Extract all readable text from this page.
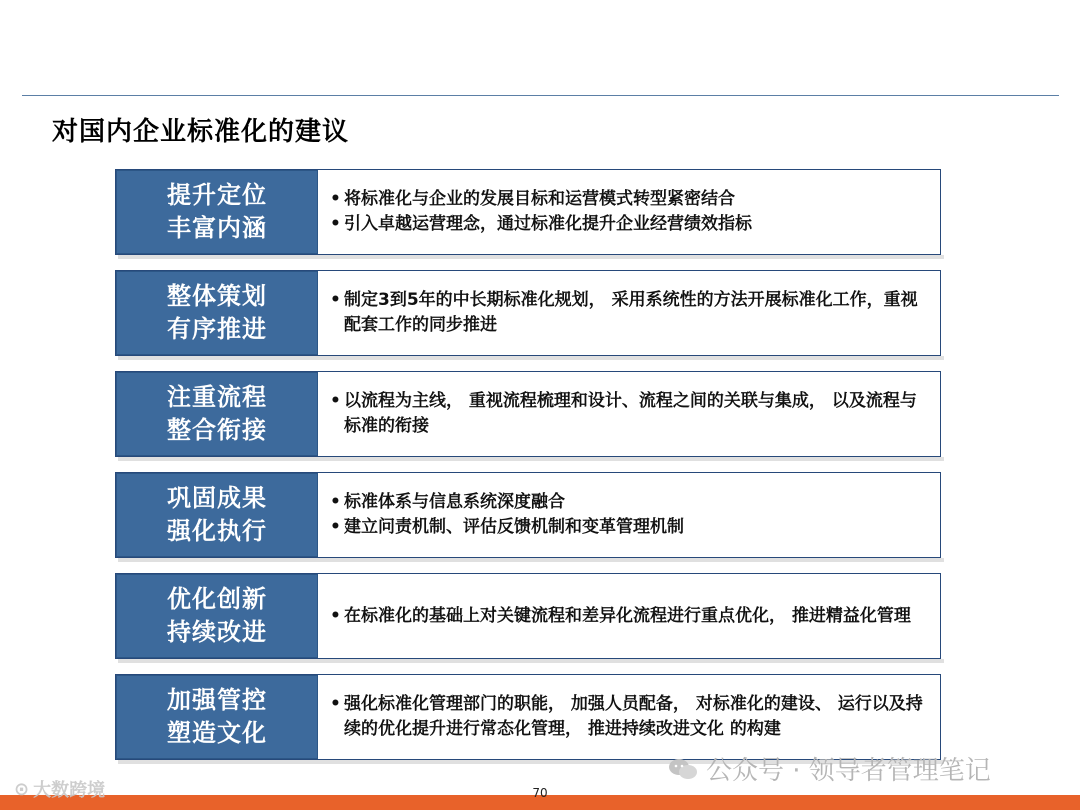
对国内企业标准化的建议
提升定位
丰富内涵
• 将标准化与企业的发展目标和运营模式转型紧密结合
• 引入卓越运营理念，通过标准化提升企业经营绩效指标
整体策划
有序推进
• 制定3到5年的中长期标准化规划， 采用系统性的方法开展标准化工作，重视配套工作的同步推进
注重流程
整合衔接
• 以流程为主线， 重视流程梳理和设计、流程之间的关联与集成， 以及流程与标准的衔接
巩固成果
强化执行
• 标准体系与信息系统深度融合
• 建立问责机制、评估反馈机制和变革管理机制
优化创新
持续改进
• 在标准化的基础上对关键流程和差异化流程进行重点优化， 推进精益化管理
加强管控
塑造文化
• 强化标准化管理部门的职能， 加强人员配备， 对标准化的建设、 运行以及持续的优化提升进行常态化管理， 推进持续改进文化 的构建
公众号 · 领导者管理笔记
70
⊙ 大数跨境
